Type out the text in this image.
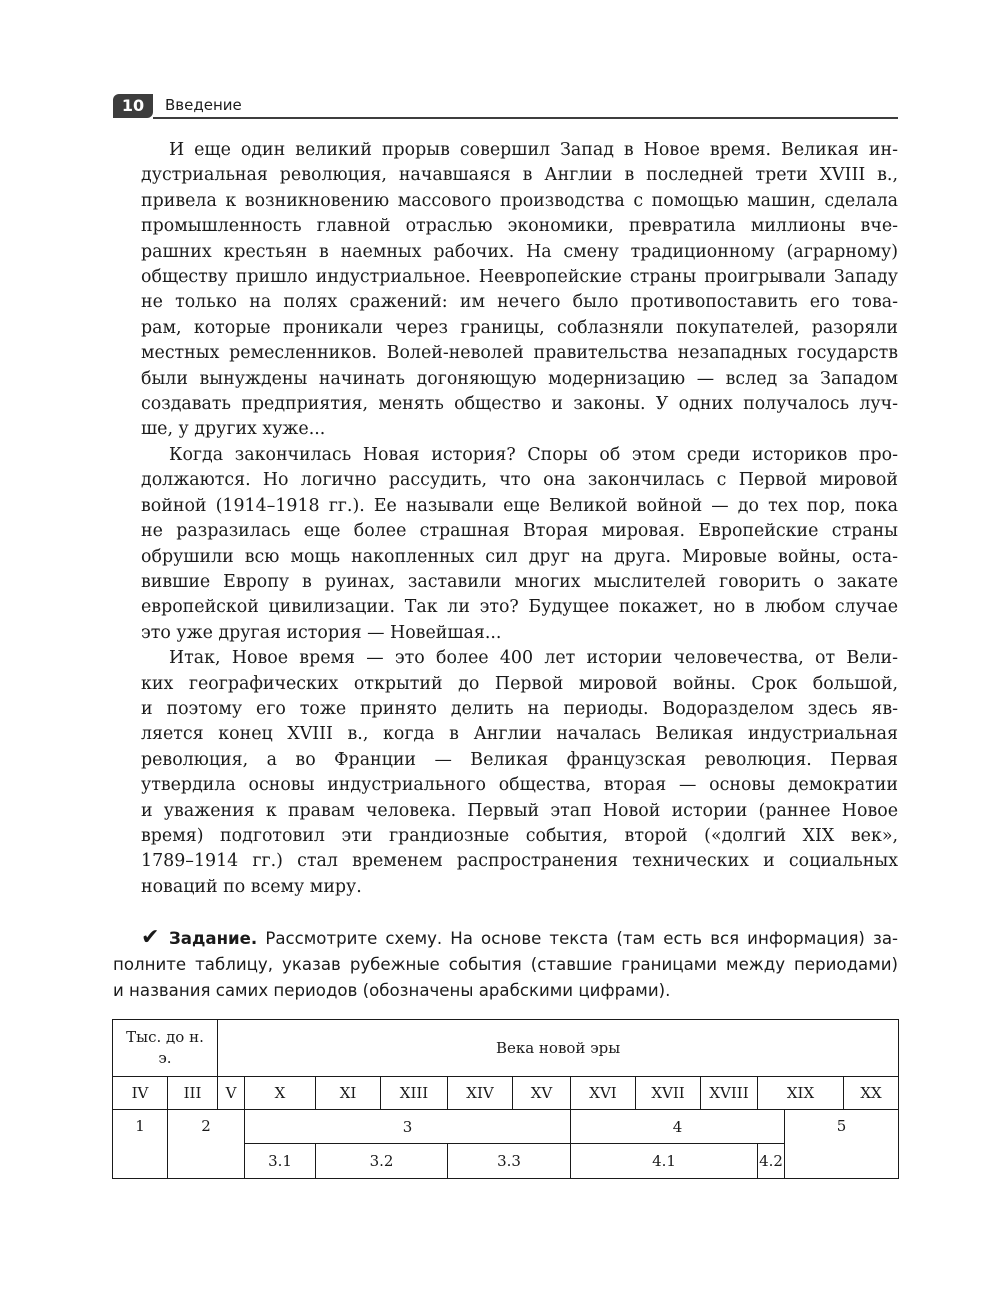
10	Введение

И еще один великий прорыв совершил Запад в Новое время. Великая ин-
дустриальная революция, начавшаяся в Англии в последней трети XVIII в.,
привела к возникновению массового производства с помощью машин, сделала
промышленность главной отраслью экономики, превратила миллионы вче-
рашних крестьян в наемных рабочих. На смену традиционному (аграрному)
обществу пришло индустриальное. Неевропейские страны проигрывали Западу
не только на полях сражений: им нечего было противопоставить его това-
рам, которые проникали через границы, соблазняли покупателей, разоряли
местных ремесленников. Волей-неволей правительства незападных государств
были вынуждены начинать догоняющую модернизацию — вслед за Западом
создавать предприятия, менять общество и законы. У одних получалось луч-
ше, у других хуже...

Когда закончилась Новая история? Споры об этом среди историков про-
должаются. Но логично рассудить, что она закончилась с Первой мировой
войной (1914–1918 гг.). Ее называли еще Великой войной — до тех пор, пока
не разразилась еще более страшная Вторая мировая. Европейские страны
обрушили всю мощь накопленных сил друг на друга. Мировые войны, оста-
вившие Европу в руинах, заставили многих мыслителей говорить о закате
европейской цивилизации. Так ли это? Будущее покажет, но в любом случае
это уже другая история — Новейшая...

Итак, Новое время — это более 400 лет истории человечества, от Вели-
ких географических открытий до Первой мировой войны. Срок большой,
и поэтому его тоже принято делить на периоды. Водоразделом здесь яв-
ляется конец XVIII в., когда в Англии началась Великая индустриальная
революция, а во Франции — Великая французская революция. Первая
утвердила основы индустриального общества, вторая — основы демократии
и уважения к правам человека. Первый этап Новой истории (раннее Новое
время) подготовил эти грандиозные события, второй («долгий XIX век»,
1789–1914 гг.) стал временем распространения технических и социальных
новаций по всему миру.

✔ Задание. Рассмотрите схему. На основе текста (там есть вся информация) за-
полните таблицу, указав рубежные события (ставшие границами между периодами)
и названия самих периодов (обозначены арабскими цифрами).
Тыс. до н. э.		Века новой эры											
IV	III	V	X	XI	XIII	XIV	XV	XVI	XVII	XVIII	XIX		XX
1	2		3					4				5	
			3.1	3.2		3.3		4.1			4.2		
